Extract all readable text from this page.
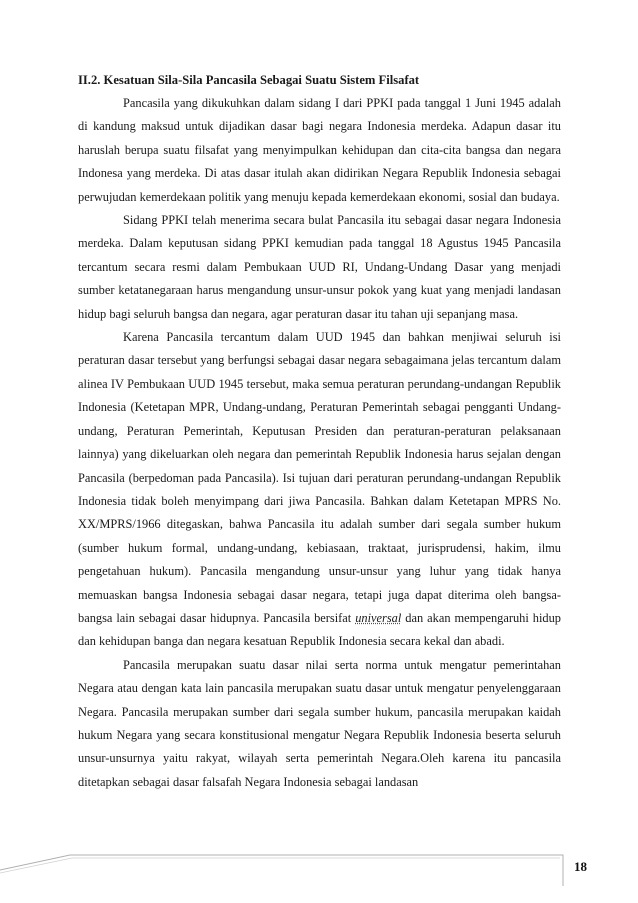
II.2. Kesatuan Sila-Sila Pancasila Sebagai Suatu Sistem Filsafat

Pancasila yang dikukuhkan dalam sidang I dari PPKI pada tanggal 1 Juni 1945 adalah di kandung maksud untuk dijadikan dasar bagi negara Indonesia merdeka. Adapun dasar itu haruslah berupa suatu filsafat yang menyimpulkan kehidupan dan cita-cita bangsa dan negara Indonesa yang merdeka. Di atas dasar itulah akan didirikan Negara Republik Indonesia sebagai perwujudan kemerdekaan politik yang menuju kepada kemerdekaan ekonomi, sosial dan budaya.

Sidang PPKI telah menerima secara bulat Pancasila itu sebagai dasar negara Indonesia merdeka. Dalam keputusan sidang PPKI kemudian pada tanggal 18 Agustus 1945 Pancasila tercantum secara resmi dalam Pembukaan UUD RI, Undang-Undang Dasar yang menjadi sumber ketatanegaraan harus mengandung unsur-unsur pokok yang kuat yang menjadi landasan hidup bagi seluruh bangsa dan negara, agar peraturan dasar itu tahan uji sepanjang masa.

Karena Pancasila tercantum dalam UUD 1945 dan bahkan menjiwai seluruh isi peraturan dasar tersebut yang berfungsi sebagai dasar negara sebagaimana jelas tercantum dalam alinea IV Pembukaan UUD 1945 tersebut, maka semua peraturan perundang-undangan Republik Indonesia (Ketetapan MPR, Undang-undang, Peraturan Pemerintah sebagai pengganti Undang-undang, Peraturan Pemerintah, Keputusan Presiden dan peraturan-peraturan pelaksanaan lainnya) yang dikeluarkan oleh negara dan pemerintah Republik Indonesia harus sejalan dengan Pancasila (berpedoman pada Pancasila). Isi tujuan dari peraturan perundang-undangan Republik Indonesia tidak boleh menyimpang dari jiwa Pancasila. Bahkan dalam Ketetapan MPRS No. XX/MPRS/1966 ditegaskan, bahwa Pancasila itu adalah sumber dari segala sumber hukum (sumber hukum formal, undang-undang, kebiasaan, traktaat, jurisprudensi, hakim, ilmu pengetahuan hukum). Pancasila mengandung unsur-unsur yang luhur yang tidak hanya memuaskan bangsa Indonesia sebagai dasar negara, tetapi juga dapat diterima oleh bangsa-bangsa lain sebagai dasar hidupnya. Pancasila bersifat universal dan akan mempengaruhi hidup dan kehidupan banga dan negara kesatuan Republik Indonesia secara kekal dan abadi.

Pancasila merupakan suatu dasar nilai serta norma untuk mengatur pemerintahan Negara atau dengan kata lain pancasila merupakan suatu dasar untuk mengatur penyelenggaraan Negara. Pancasila merupakan sumber dari segala sumber hukum, pancasila merupakan kaidah hukum Negara yang secara konstitusional mengatur Negara Republik Indonesia beserta seluruh unsur-unsurnya yaitu rakyat, wilayah serta pemerintah Negara.Oleh karena itu pancasila ditetapkan sebagai dasar falsafah Negara Indonesia sebagai landasan

18
